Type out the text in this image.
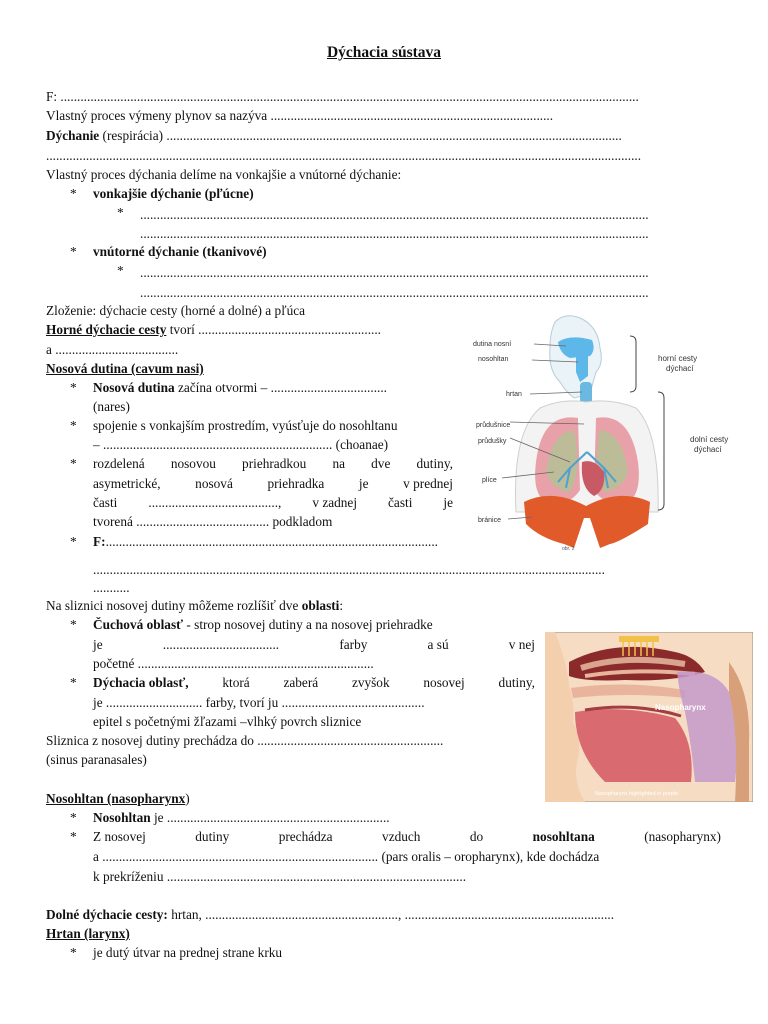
Dýchacia sústava
F: ..............................................................................................................................................................................
Vlastný proces výmeny plynov sa nazýva .....................................................................................
Dýchanie (respirácia) .........................................................................................................................................
...................................................................................................................................................................................
Vlastný proces dýchania delíme na vonkajšie a vnútorné dýchanie:
* vonkajšie dýchanie (pľúcne)
* .........................................................................................................................................................
.........................................................................................................................................................
* vnútorné dýchanie (tkanivové)
* .........................................................................................................................................................
.........................................................................................................................................................
Zloženie: dýchacie cesty (horné a dolné) a pľúca
Horné dýchacie cesty tvorí .......................................................
a .....................................
Nosová dutina (cavum nasi)
* Nosová dutina začína otvormi – ...................................
(nares)
* spojenie s vonkajším prostredím, vyúsťuje do nosohltanu
– ..................................................................... (choanae)
* rozdelená nosovou priehradkou na dve dutiny,
asymetrické,	nosová	priehradka	je	v prednej
časti ......................................., v zadnej časti je
tvorená ........................................ podkladom
* F:....................................................................................................
..........................................................................................................................................................
...........
Na sliznici nosovej dutiny môžeme rozlíšiť dve oblasti:
* Čuchová oblasť - strop nosovej dutiny a na nosovej priehradke
je	...................................	farby	a sú	v nej
početné .......................................................................
* Dýchacia oblasť,	ktorá	zaberá	zvyšok	nosovej	dutiny,
je ............................. farby, tvorí ju ...........................................
epitel s početnými žľazami –vlhký povrch sliznice
Sliznica z nosovej dutiny prechádza do ........................................................
(sinus paranasales)
Nosohltan (nasopharynx)
* Nosohltan je ...................................................................
* Z nosovej	dutiny	prechádza	vzduch	do	nosohltana	(nasopharynx)
a ................................................................................... (pars oralis – oropharynx), kde dochádza
k prekríženiu ..........................................................................................
Dolné dýchacie cesty: hrtan, .........................................................., ...............................................................
Hrtan (larynx)
* je dutý útvar na prednej strane krku
dutina nosní
nosohltan
hrtan
průdušnice
průdušky
plíce
bránice
horní cesty
dýchací
dolní cesty
dýchací
obr. 2
Nasopharynx
Nasopharynx highlighted in purple
